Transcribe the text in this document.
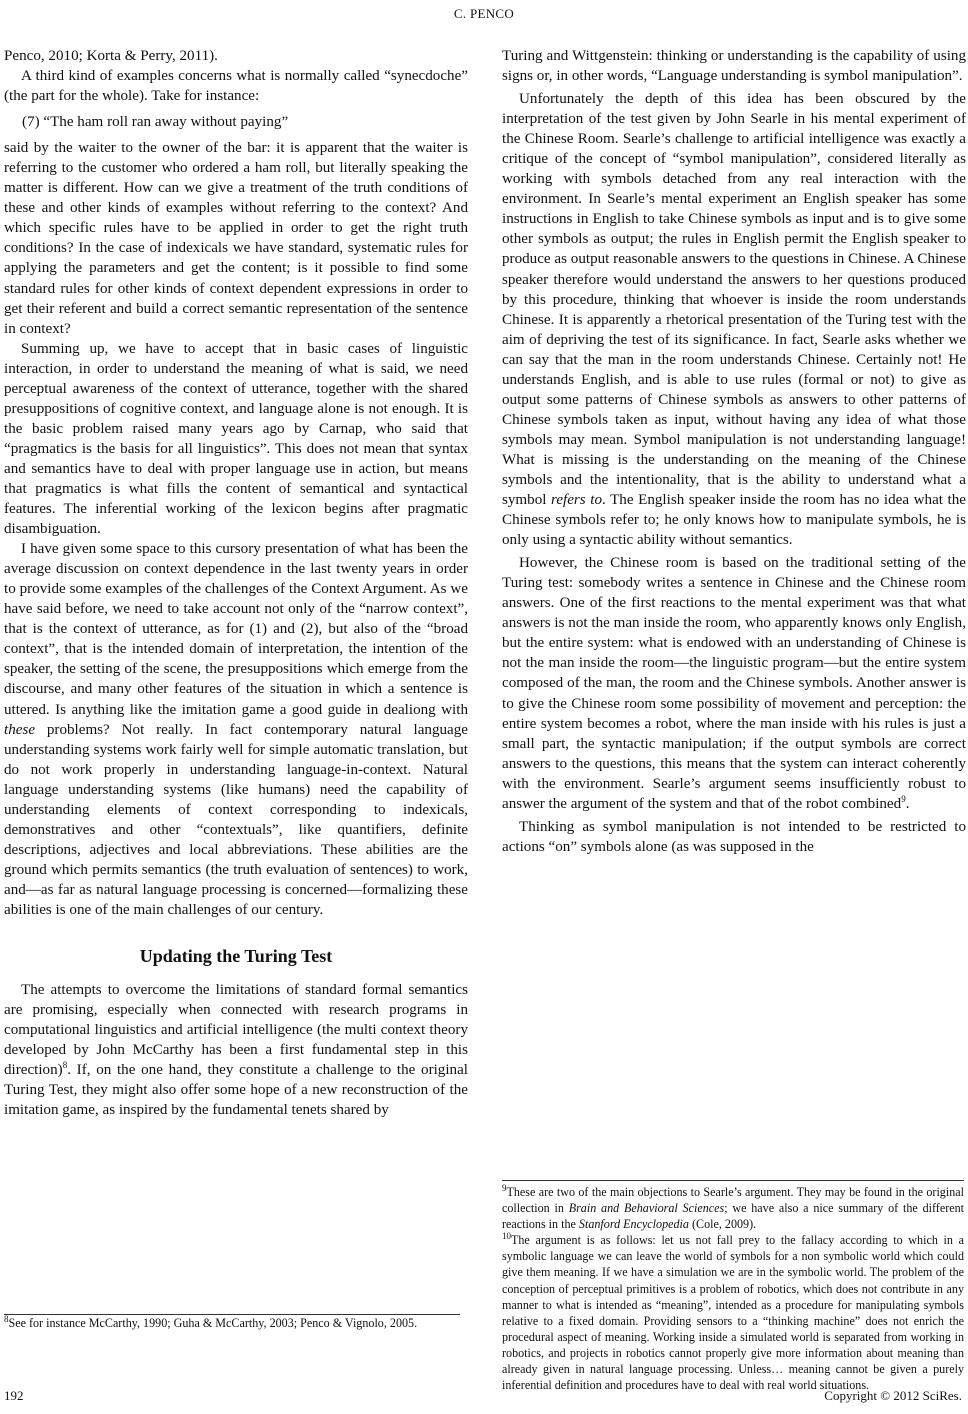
C. PENCO

Penco, 2010; Korta & Perry, 2011).

A third kind of examples concerns what is normally called “synecdoche” (the part for the whole). Take for instance:

(7) “The ham roll ran away without paying”

said by the waiter to the owner of the bar: it is apparent that the waiter is referring to the customer who ordered a ham roll, but literally speaking the matter is different. How can we give a treatment of the truth conditions of these and other kinds of examples without referring to the context? And which specific rules have to be applied in order to get the right truth conditions? In the case of indexicals we have standard, systematic rules for applying the parameters and get the content; is it possible to find some standard rules for other kinds of context dependent expressions in order to get their referent and build a correct semantic representation of the sentence in context?

Summing up, we have to accept that in basic cases of linguistic interaction, in order to understand the meaning of what is said, we need perceptual awareness of the context of utterance, together with the shared presuppositions of cognitive context, and language alone is not enough. It is the basic problem raised many years ago by Carnap, who said that “pragmatics is the basis for all linguistics”. This does not mean that syntax and semantics have to deal with proper language use in action, but means that pragmatics is what fills the content of semantical and syntactical features. The inferential working of the lexicon begins after pragmatic disambiguation.

I have given some space to this cursory presentation of what has been the average discussion on context dependence in the last twenty years in order to provide some examples of the challenges of the Context Argument. As we have said before, we need to take account not only of the “narrow context”, that is the context of utterance, as for (1) and (2), but also of the “broad context”, that is the intended domain of interpretation, the intention of the speaker, the setting of the scene, the presuppositions which emerge from the discourse, and many other features of the situation in which a sentence is uttered. Is anything like the imitation game a good guide in dealiong with these problems? Not really. In fact contemporary natural language understanding systems work fairly well for simple automatic translation, but do not work properly in understanding language-in-context. Natural language understanding systems (like humans) need the capability of understanding elements of context corresponding to indexicals, demonstratives and other “contextuals”, like quantifiers, definite descriptions, adjectives and local abbreviations. These abilities are the ground which permits semantics (the truth evaluation of sentences) to work, and—as far as natural language processing is concerned—formalizing these abilities is one of the main challenges of our century.

Updating the Turing Test

The attempts to overcome the limitations of standard formal semantics are promising, especially when connected with research programs in computational linguistics and artificial intelligence (the multi context theory developed by John McCarthy has been a first fundamental step in this direction)$^8$. If, on the one hand, they constitute a challenge to the original Turing Test, they might also offer some hope of a new reconstruction of the imitation game, as inspired by the fundamental tenets shared by

$^8$See for instance McCarthy, 1990; Guha & McCarthy, 2003; Penco & Vignolo, 2005.

Turing and Wittgenstein: thinking or understanding is the capability of using signs or, in other words, “Language understanding is symbol manipulation”.

Unfortunately the depth of this idea has been obscured by the interpretation of the test given by John Searle in his mental experiment of the Chinese Room. Searle’s challenge to artificial intelligence was exactly a critique of the concept of “symbol manipulation”, considered literally as working with symbols detached from any real interaction with the environment. In Searle’s mental experiment an English speaker has some instructions in English to take Chinese symbols as input and is to give some other symbols as output; the rules in English permit the English speaker to produce as output reasonable answers to the questions in Chinese. A Chinese speaker therefore would understand the answers to her questions produced by this procedure, thinking that whoever is inside the room understands Chinese. It is apparently a rhetorical presentation of the Turing test with the aim of depriving the test of its significance. In fact, Searle asks whether we can say that the man in the room understands Chinese. Certainly not! He understands English, and is able to use rules (formal or not) to give as output some patterns of Chinese symbols as answers to other patterns of Chinese symbols taken as input, without having any idea of what those symbols may mean. Symbol manipulation is not understanding language! What is missing is the understanding on the meaning of the Chinese symbols and the intentionality, that is the ability to understand what a symbol refers to. The English speaker inside the room has no idea what the Chinese symbols refer to; he only knows how to manipulate symbols, he is only using a syntactic ability without semantics.

However, the Chinese room is based on the traditional setting of the Turing test: somebody writes a sentence in Chinese and the Chinese room answers. One of the first reactions to the mental experiment was that what answers is not the man inside the room, who apparently knows only English, but the entire system: what is endowed with an understanding of Chinese is not the man inside the room—the linguistic program—but the entire system composed of the man, the room and the Chinese symbols. Another answer is to give the Chinese room some possibility of movement and perception: the entire system becomes a robot, where the man inside with his rules is just a small part, the syntactic manipulation; if the output symbols are correct answers to the questions, this means that the system can interact coherently with the environment. Searle’s argument seems insufficiently robust to answer the argument of the system and that of the robot combined$^9$.

Thinking as symbol manipulation is not intended to be restricted to actions “on” symbols alone (as was supposed in the

$^9$These are two of the main objections to Searle’s argument. They may be found in the original collection in Brain and Behavioral Sciences; we have also a nice summary of the different reactions in the Stanford Encyclopedia (Cole, 2009).

$^{10}$The argument is as follows: let us not fall prey to the fallacy according to which in a symbolic language we can leave the world of symbols for a non symbolic world which could give them meaning. If we have a simulation we are in the symbolic world. The problem of the conception of perceptual primitives is a problem of robotics, which does not contribute in any manner to what is intended as “meaning”, intended as a procedure for manipulating symbols relative to a fixed domain. Providing sensors to a “thinking machine” does not enrich the procedural aspect of meaning. Working inside a simulated world is separated from working in robotics, and projects in robotics cannot properly give more information about meaning than already given in natural language processing. Unless… meaning cannot be given a purely inferential definition and procedures have to deal with real world situations.

192	Copyright © 2012 SciRes.
